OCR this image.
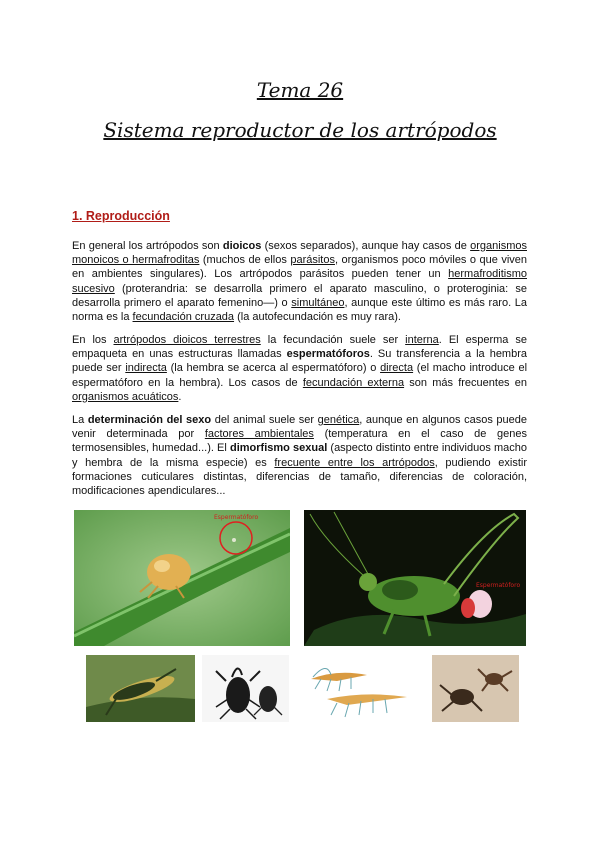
Tema 26
Sistema reproductor de los artrópodos
1. Reproducción

En general los artrópodos son dioicos (sexos separados), aunque hay casos de organismos monoicos o hermafroditas (muchos de ellos parásitos, organismos poco móviles o que viven en ambientes singulares). Los artrópodos parásitos pueden tener un hermafroditismo sucesivo (proterandria: se desarrolla primero el aparato masculino, o proteroginia: se desarrolla primero el aparato femenino—) o simultáneo, aunque este último es más raro. La norma es la fecundación cruzada (la autofecundación es muy rara).

En los artrópodos dioicos terrestres la fecundación suele ser interna. El esperma se empaqueta en unas estructuras llamadas espermatóforos. Su transferencia a la hembra puede ser indirecta (la hembra se acerca al espermatóforo) o directa (el macho introduce el espermatóforo en la hembra). Los casos de fecundación externa son más frecuentes en organismos acuáticos.

La determinación del sexo del animal suele ser genética, aunque en algunos casos puede venir determinada por factores ambientales (temperatura en el caso de genes termosensibles, humedad...). El dimorfismo sexual (aspecto distinto entre individuos macho y hembra de la misma especie) es frecuente entre los artrópodos, pudiendo existir formaciones cuticulares distintas, diferencias de tamaño, diferencias de coloración, modificaciones apendiculares...

Espermatóforo
Espermatóforo
